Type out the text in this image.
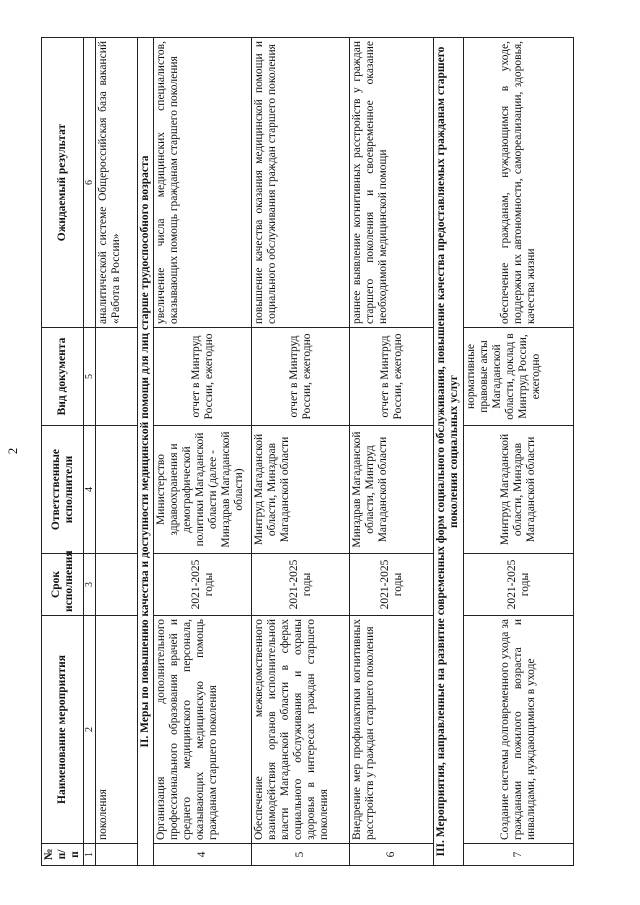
2
№ п/п	Наименование мероприятия	Срок исполнения	Ответственные исполнители	Вид документа	Ожидаемый результат
1	2	3	4	5	6
	поколения				аналитической системе Общероссийская база вакансий «Работа в России»
II. Меры по повышению качества и доступности медицинской помощи для лиц старше трудоспособного возраста					
4	Организация дополнительного профессионального образования врачей и среднего медицинского персонала, оказывающих медицинскую помощь гражданам старшего поколения	2021-2025 годы	Министерство здравоохранения и демографической политики Магаданской области (далее - Минздрав Магаданской области)	отчет в Минтруд России, ежегодно	увеличение числа медицинских специалистов, оказывающих помощь гражданам старшего поколения
5	Обеспечение межведомственного взаимодействия органов исполнительной власти Магаданской области в сферах социального обслуживания и охраны здоровья в интересах граждан старшего поколения	2021-2025 годы	Минтруд Магаданской области, Минздрав Магаданской области	отчет в Минтруд России, ежегодно	повышение качества оказания медицинской помощи и социального обслуживания граждан старшего поколения
6	Внедрение мер профилактики когнитивных расстройств у граждан старшего поколения	2021-2025 годы	Минздрав Магаданской области, Минтруд Магаданской области	отчет в Минтруд России, ежегодно	раннее выявление когнитивных расстройств у граждан старшего поколения и своевременное оказание необходимой медицинской помощи
III. Мероприятия, направленные на развитие современных форм социального обслуживания, повышение качества предоставляемых гражданам старшего поколения социальных услуг					
7	Создание системы долговременного ухода за гражданами пожилого возраста и инвалидами, нуждающимися в уходе	2021-2025 годы	Минтруд Магаданской области, Минздрав Магаданской области	нормативные правовые акты Магаданской области, доклад в Минтруд России, ежегодно	обеспечение гражданам, нуждающимся в уходе, поддержки их автономности, самореализации, здоровья, качества жизни
